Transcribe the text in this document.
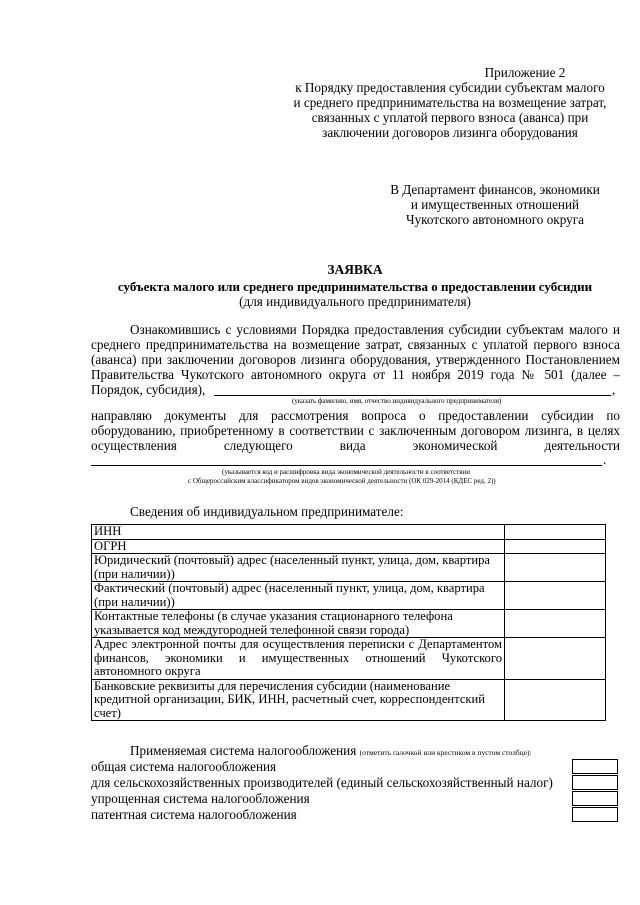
Приложение 2
к Порядку предоставления субсидии субъектам малого
и среднего предпринимательства на возмещение затрат,
связанных с уплатой первого взноса (аванса) при
заключении договоров лизинга оборудования
В Департамент финансов, экономики
и имущественных отношений
Чукотского автономного округа
ЗАЯВКА
субъекта малого или среднего предпринимательства о предоставлении субсидии
(для индивидуального предпринимателя)
Ознакомившись с условиями Порядка предоставления субсидии субъектам малого и
среднего предпринимательства на возмещение затрат, связанных с уплатой первого взноса
(аванса) при заключении договоров лизинга оборудования, утвержденного Постановлением
Правительства Чукотского автономного округа от 11 ноября 2019 года № 501 (далее –
Порядок, субсидия),	,
(указать фамилию, имя, отчество индивидуального предпринимателя)
направляю документы для рассмотрения вопроса о предоставлении субсидии по
оборудованию, приобретенному в соответствии с заключенным договором лизинга, в целях
осуществления следующего вида экономической деятельности
.
(указывается код и расшифровка вида экономической деятельности в соответствии
с Общероссийским классификатором видов экономической деятельности (ОК 029-2014 (КДЕС ред. 2))
Сведения об индивидуальном предпринимателе:
ИНН	
ОГРН	
Юридический (почтовый) адрес (населенный пункт, улица, дом, квартира (при наличии))	
Фактический (почтовый) адрес (населенный пункт, улица, дом, квартира (при наличии))	
Контактные телефоны (в случае указания стационарного телефона указывается код междугородней телефонной связи города)	
Адрес электронной почты для осуществления переписки с Департаментом финансов, экономики и имущественных отношений Чукотского автономного округа	
Банковские реквизиты для перечисления субсидии (наименование кредитной организации, БИК, ИНН, расчетный счет, корреспондентский счет)	
Применяемая система налогообложения (отметить галочкой или крестиком в пустом столбце):
общая система налогообложения
для сельскохозяйственных производителей (единый сельскохозяйственный налог)
упрощенная система налогообложения
патентная система налогообложения
